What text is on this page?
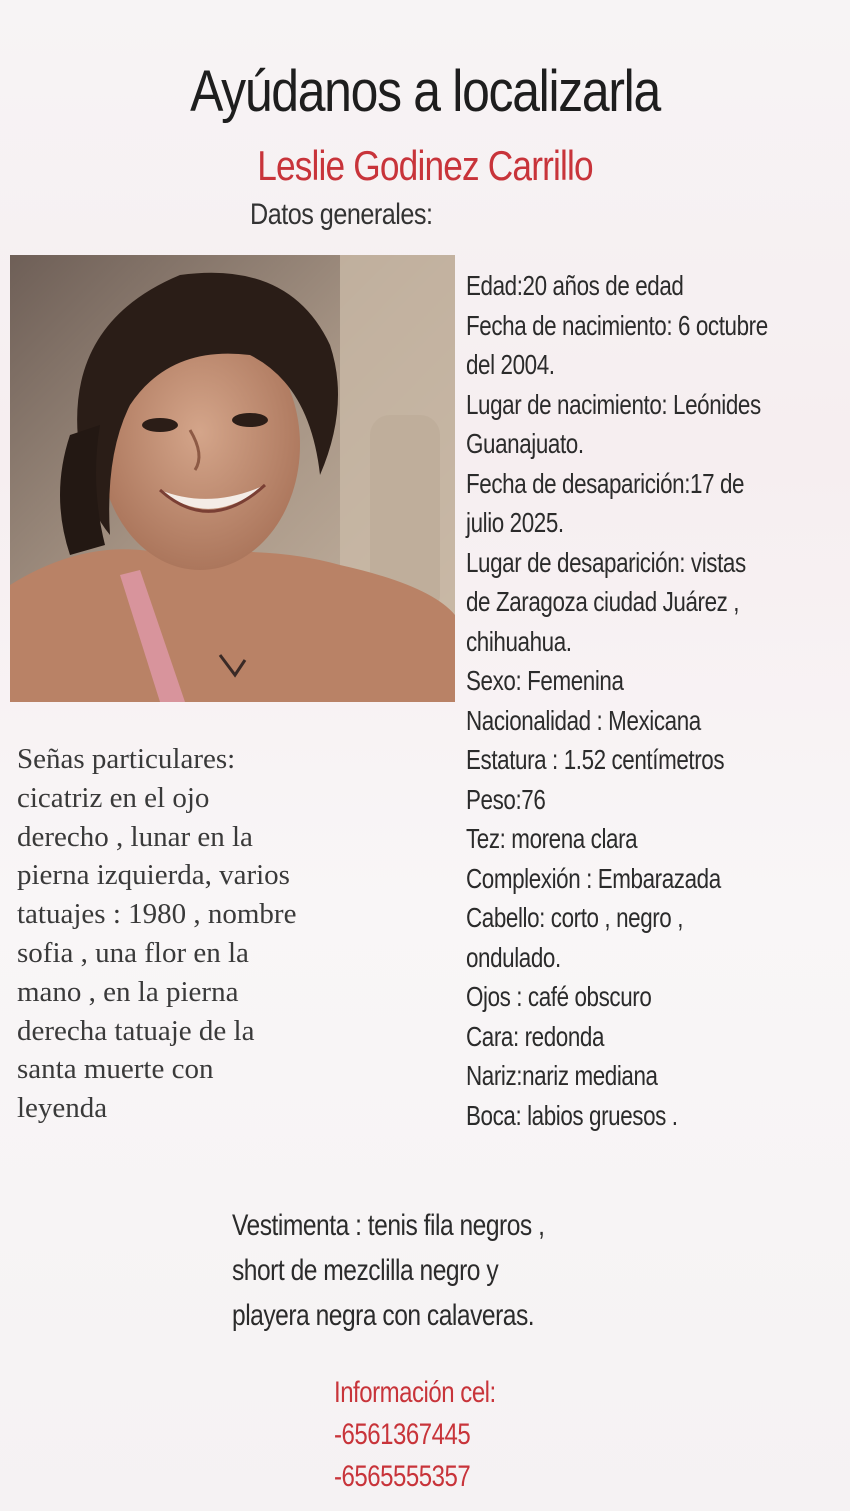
Ayúdanos a localizarla
Leslie Godinez Carrillo
Datos generales:
Edad:20 años de edad
Fecha de nacimiento: 6 octubre
del 2004.
Lugar de nacimiento: Leónides
Guanajuato.
Fecha de desaparición:17 de
julio 2025.
Lugar de desaparición: vistas
de Zaragoza ciudad Juárez ,
chihuahua.
Sexo: Femenina
Nacionalidad : Mexicana
Estatura : 1.52 centímetros
Peso:76
Tez: morena clara
Complexión : Embarazada
Cabello: corto , negro ,
ondulado.
Ojos : café obscuro
Cara: redonda
Nariz:nariz mediana
Boca: labios gruesos .
Señas particulares:
cicatriz en el ojo
derecho , lunar en la
pierna izquierda, varios
tatuajes : 1980 , nombre
sofia , una flor en la
mano , en la pierna
derecha tatuaje de la
santa muerte con
leyenda
Vestimenta : tenis fila negros ,
short de mezclilla negro y
playera negra con calaveras.
Información cel:
-6561367445
-6565555357
